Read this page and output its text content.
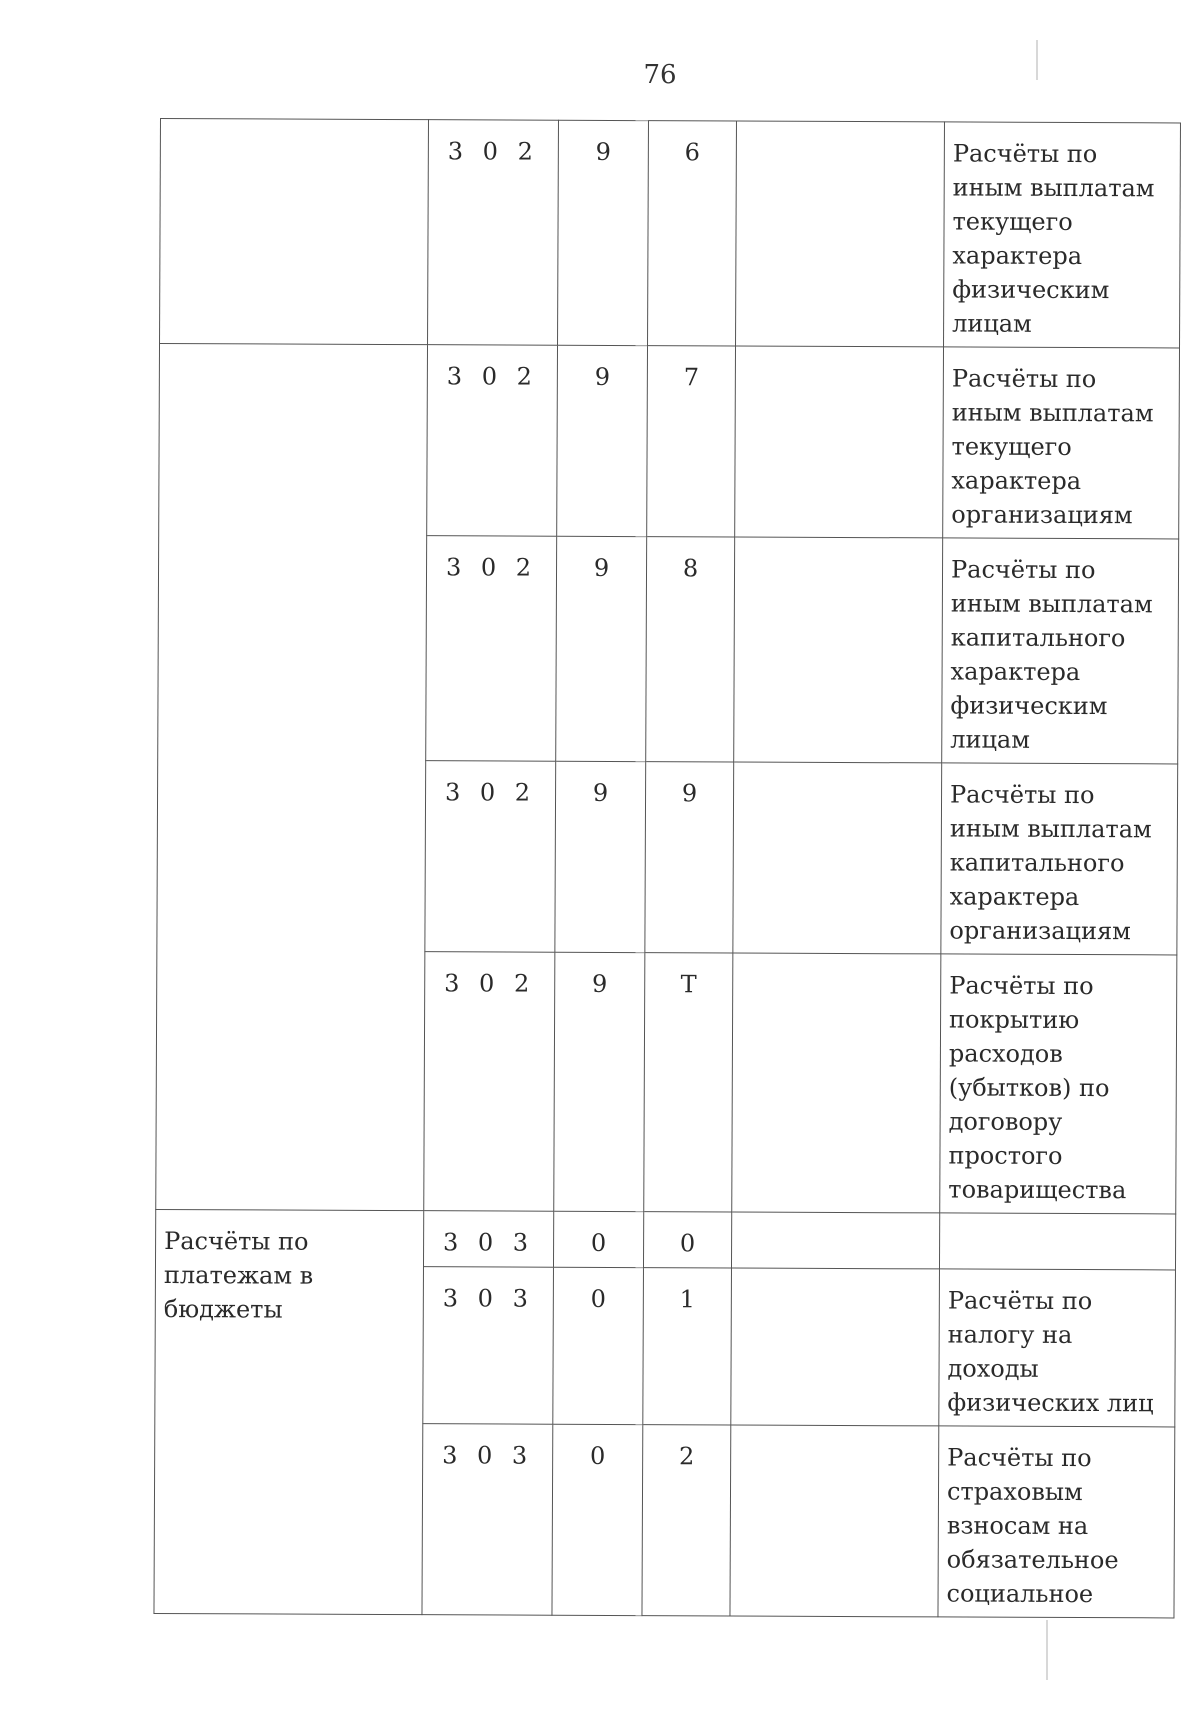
76
	3 0 2	9	6		Расчёты по иным выплатам текущего характера физическим лицам
	3 0 2	9	7		Расчёты по иным выплатам текущего характера организациям
	3 0 2	9	8		Расчёты по иным выплатам капитального характера физическим лицам
	3 0 2	9	9		Расчёты по иным выплатам капитального характера организациям
	3 0 2	9	Т		Расчёты по покрытию расходов (убытков) по договору простого товарищества
Расчёты по платежам в бюджеты	3 0 3	0	0		
	3 0 3	0	1		Расчёты по налогу на доходы физических лиц
	3 0 3	0	2		Расчёты по страховым взносам на обязательное социальное
